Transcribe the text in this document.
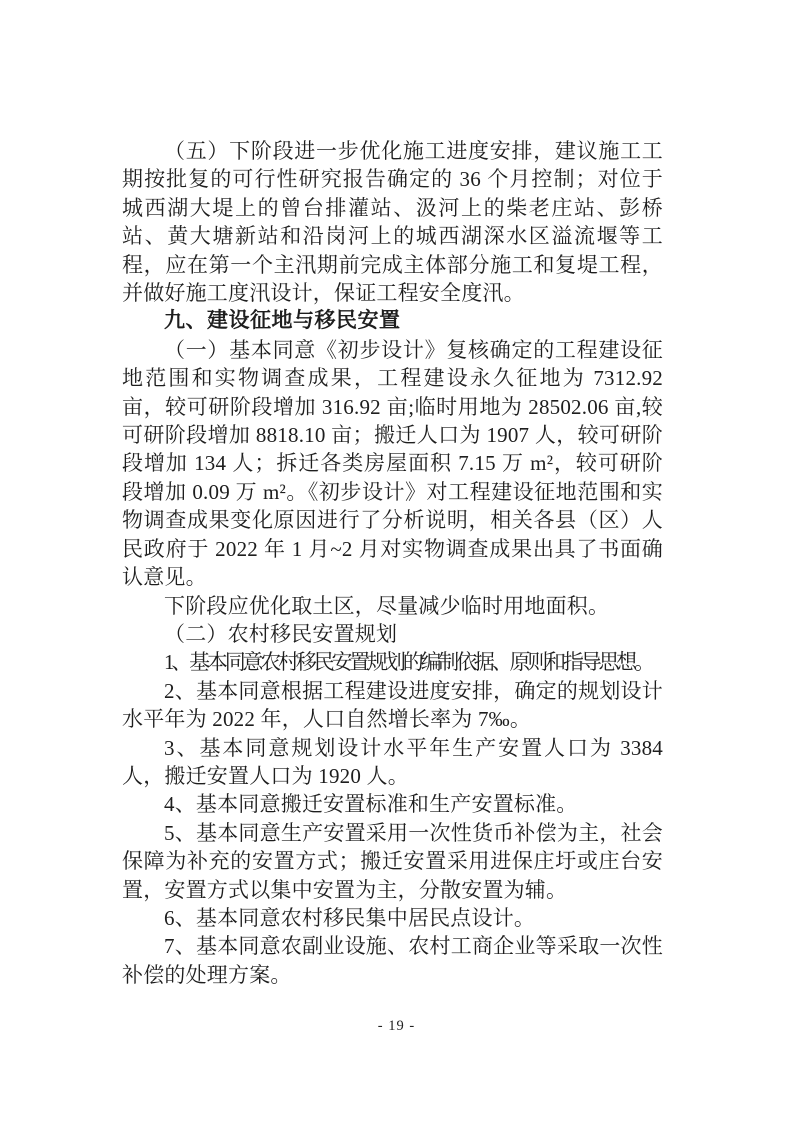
（五）下阶段进一步优化施工进度安排，建议施工工期按批复的可行性研究报告确定的 36 个月控制；对位于城西湖大堤上的曾台排灌站、汲河上的柴老庄站、彭桥站、黄大塘新站和沿岗河上的城西湖深水区溢流堰等工程，应在第一个主汛期前完成主体部分施工和复堤工程，并做好施工度汛设计，保证工程安全度汛。

九、建设征地与移民安置

（一）基本同意《初步设计》复核确定的工程建设征地范围和实物调查成果，工程建设永久征地为 7312.92 亩，较可研阶段增加 316.92 亩;临时用地为 28502.06 亩,较可研阶段增加 8818.10 亩；搬迁人口为 1907 人，较可研阶段增加 134 人；拆迁各类房屋面积 7.15 万 m²，较可研阶段增加 0.09 万 m²。《初步设计》对工程建设征地范围和实物调查成果变化原因进行了分析说明，相关各县（区）人民政府于 2022 年 1 月~2 月对实物调查成果出具了书面确认意见。

下阶段应优化取土区，尽量减少临时用地面积。

（二）农村移民安置规划

1、基本同意农村移民安置规划的编制依据、原则和指导思想。

2、基本同意根据工程建设进度安排，确定的规划设计水平年为 2022 年，人口自然增长率为 7‰。

3、基本同意规划设计水平年生产安置人口为 3384 人，搬迁安置人口为 1920 人。

4、基本同意搬迁安置标准和生产安置标准。

5、基本同意生产安置采用一次性货币补偿为主，社会保障为补充的安置方式；搬迁安置采用进保庄圩或庄台安置，安置方式以集中安置为主，分散安置为辅。

6、基本同意农村移民集中居民点设计。

7、基本同意农副业设施、农村工商企业等采取一次性补偿的处理方案。

- 19 -
